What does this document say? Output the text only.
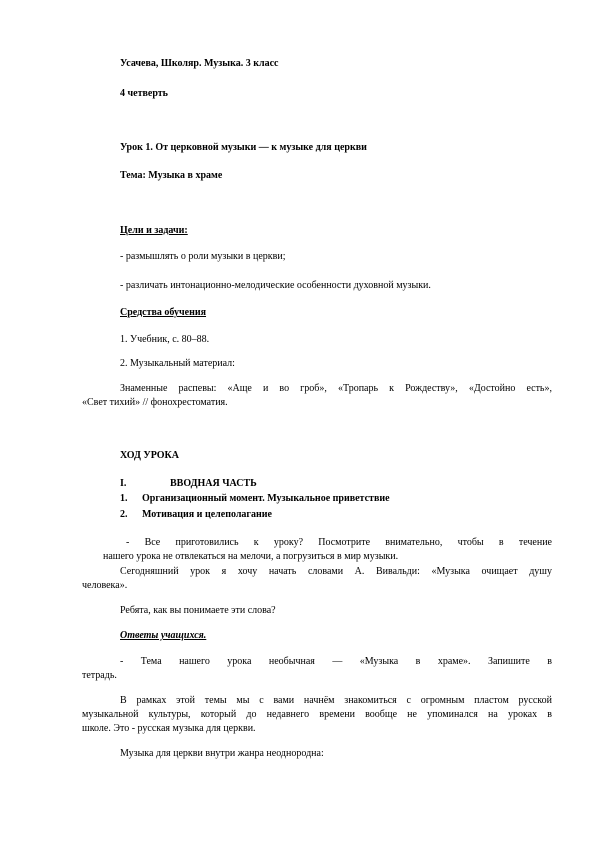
Усачева, Школяр. Музыка. 3 класс
4 четверть
Урок 1. От церковной музыки — к музыке для церкви
Тема: Музыка в храме
Цели и задачи:
- размышлять о роли музыки в церкви;
- различать интонационно-мелодические особенности духовной музыки.
Средства обучения
1. Учебник, с. 80–88.
2. Музыкальный материал:
Знаменные распевы: «Аще и во гроб», «Тропарь к Рождеству», «Достойно есть»,
«Свет тихий» // фонохрестоматия.
ХОД УРОКА
I.	ВВОДНАЯ ЧАСТЬ
1. Организационный момент. Музыкальное приветствие
2. Мотивация и целеполагание
- Все приготовились к уроку? Посмотрите внимательно, чтобы в течение
нашего урока не отвлекаться на мелочи, а погрузиться в мир музыки.
Сегодняшний урок я хочу начать словами А. Вивальди: «Музыка очищает душу
человека».
Ребята, как вы понимаете эти слова?
Ответы учащихся.
- Тема нашего урока необычная — «Музыка в храме». Запишите в
тетрадь.
В рамках этой темы мы с вами начнём знакомиться с огромным пластом русской
музыкальной культуры, который до недавнего времени вообще не упоминался на уроках в
школе. Это - русская музыка для церкви.
Музыка для церкви внутри жанра неоднородна:
